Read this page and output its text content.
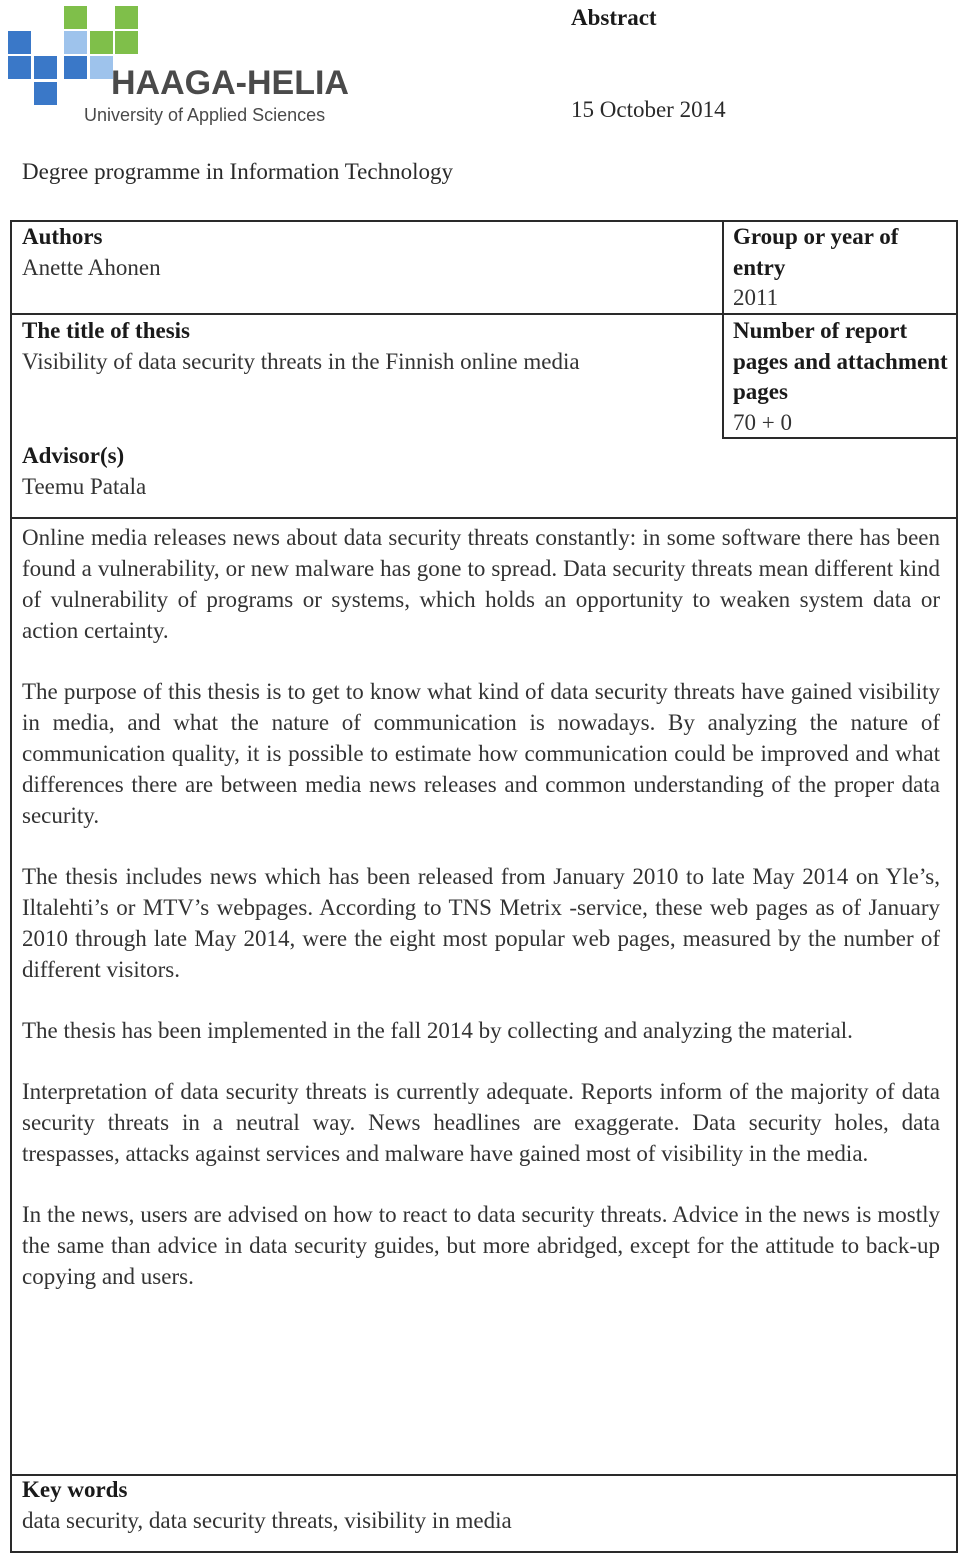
HAAGA-HELIA
University of Applied Sciences
Abstract
15 October 2014
Degree programme in Information Technology
Authors
Anette Ahonen
The title of thesis
Visibility of data security threats in the Finnish online media
Advisor(s)
Teemu Patala
Group or year of entry
2011
Number of report pages and attachment pages
70 + 0

Online media releases news about data security threats constantly: in some software there has been found a vulnerability, or new malware has gone to spread. Data security threats mean different kind of vulnerability of programs or systems, which holds an opportunity to weaken system data or action certainty.

The purpose of this thesis is to get to know what kind of data security threats have gained visibility in media, and what the nature of communication is nowadays. By analyzing the nature of communication quality, it is possible to estimate how communication could be improved and what differences there are between media news releases and common understanding of the proper data security.

The thesis includes news which has been released from January 2010 to late May 2014 on Yle’s, Iltalehti’s or MTV’s webpages. According to TNS Metrix -service, these web pages as of January 2010 through late May 2014, were the eight most popular web pages, measured by the number of different visitors.

The thesis has been implemented in the fall 2014 by collecting and analyzing the material.

Interpretation of data security threats is currently adequate. Reports inform of the majority of data security threats in a neutral way. News headlines are exaggerate. Data security holes, data trespasses, attacks against services and malware have gained most of visibility in the media.

In the news, users are advised on how to react to data security threats. Advice in the news is mostly the same than advice in data security guides, but more abridged, except for the attitude to back-up copying and users.

Key words
data security, data security threats, visibility in media
